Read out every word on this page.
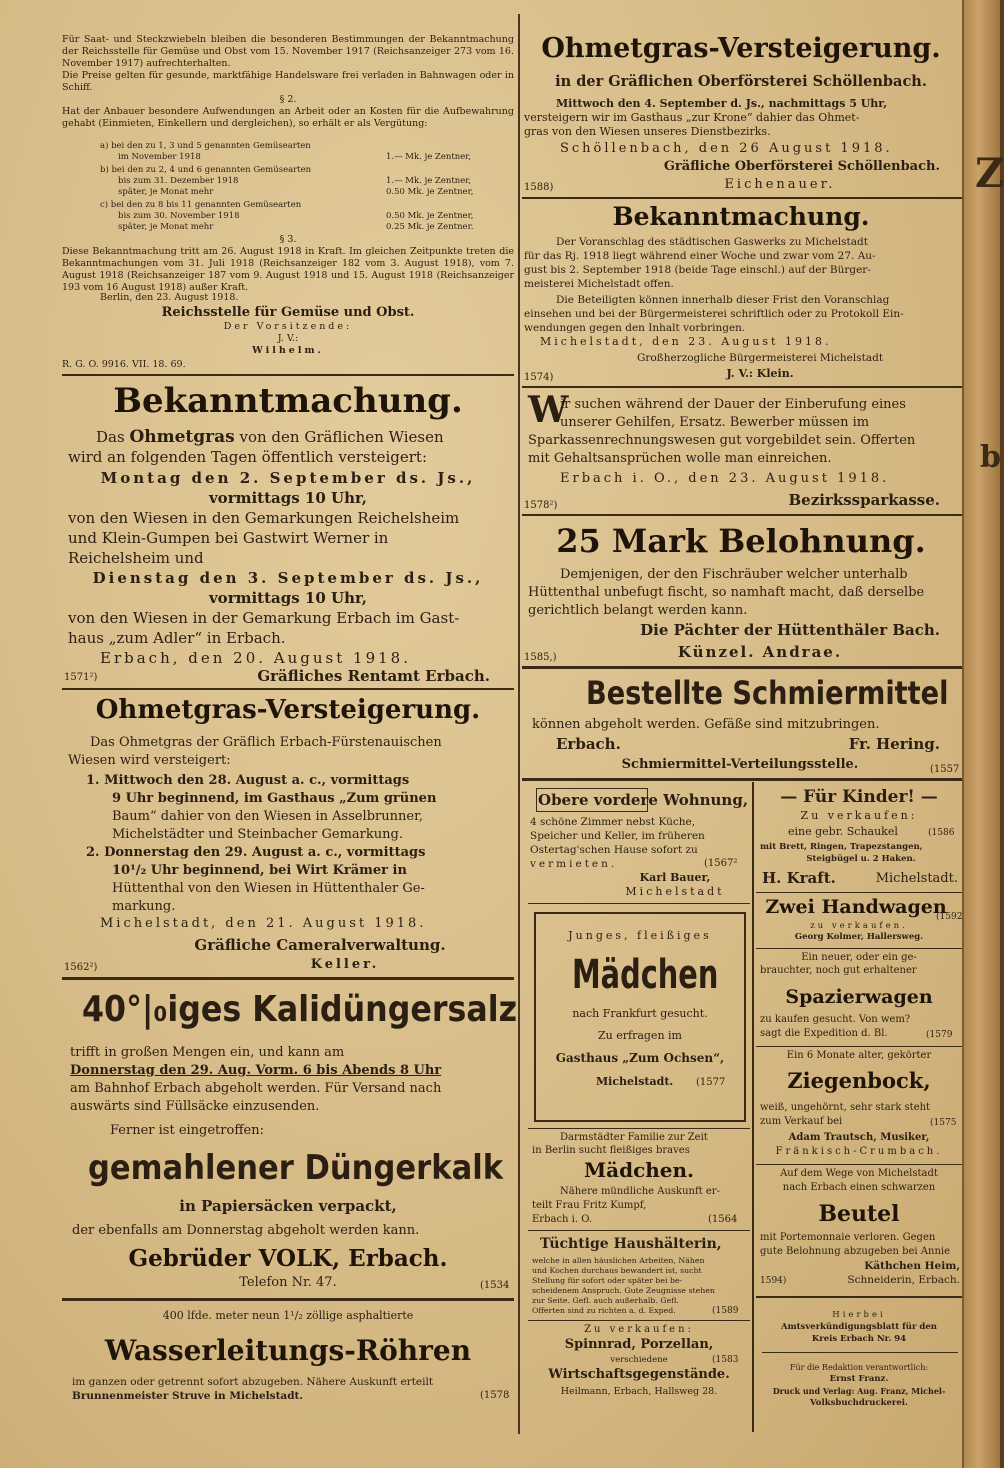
Für Saat- und Steckzwiebeln bleiben die besonderen Bestimmungen der Bekanntmachung der Reichsstelle für Gemüse und Obst vom 15. November 1917 (Reichsanzeiger 273 vom 16. November 1917) aufrechterhalten.
Die Preise gelten für gesunde, marktfähige Handelsware frei verladen in Bahnwagen oder in Schiff.
§ 2.
Hat der Anbauer besondere Aufwendungen an Arbeit oder an Kosten für die Aufbewahrung gehabt (Einmieten, Einkellern und dergleichen), so erhält er als Vergütung:
a) bei den zu 1, 3 und 5 genannten Gemüsearten
im November 1918	1.— Mk. je Zentner,
b) bei den zu 2, 4 und 6 genannten Gemüsearten
bis zum 31. Dezember 1918	1.— Mk. je Zentner,
später, je Monat mehr	0.50 Mk. je Zentner,
c) bei den zu 8 bis 11 genannten Gemüsearten
bis zum 30. November 1918	0.50 Mk. je Zentner,
später, je Monat mehr	0.25 Mk. je Zentner.
§ 3.
Diese Bekanntmachung tritt am 26. August 1918 in Kraft. Im gleichen Zeitpunkte treten die Bekanntmachungen vom 31. Juli 1918 (Reichsanzeiger 182 vom 3. August 1918), vom 7. August 1918 (Reichsanzeiger 187 vom 9. August 1918 und 15. August 1918 (Reichsanzeiger 193 vom 16 August 1918) außer Kraft.
Berlin, den 23. August 1918.
Reichsstelle für Gemüse und Obst.
Der Vorsitzende:
J. V.:
Wilhelm.
R. G. O. 9916. VII. 18. 69.
Bekanntmachung.
Das Ohmetgras von den Gräflichen Wiesen
wird an folgenden Tagen öffentlich versteigert:
Montag den 2. September ds. Js.,
vormittags 10 Uhr,
von den Wiesen in den Gemarkungen Reichelsheim
und Klein-Gumpen bei Gastwirt Werner in
Reichelsheim und
Dienstag den 3. September ds. Js.,
vormittags 10 Uhr,
von den Wiesen in der Gemarkung Erbach im Gast-
haus „zum Adler“ in Erbach.
Erbach, den 20. August 1918.
1571²)	Gräfliches Rentamt Erbach.
Ohmetgras-Versteigerung.
Das Ohmetgras der Gräflich Erbach-Fürstenauischen
Wiesen wird versteigert:
1. Mittwoch den 28. August a. c., vormittags
9 Uhr beginnend, im Gasthaus „Zum grünen
Baum“ dahier von den Wiesen in Asselbrunner,
Michelstädter und Steinbacher Gemarkung.
2. Donnerstag den 29. August a. c., vormittags
10¹/₂ Uhr beginnend, bei Wirt Krämer in
Hüttenthal von den Wiesen in Hüttenthaler Ge-
markung.
Michelstadt, den 21. August 1918.
Gräfliche Cameralverwaltung.
1562²)	Keller.
40°|₀iges Kalidüngersalz
trifft in großen Mengen ein, und kann am
Donnerstag den 29. Aug. Vorm. 6 bis Abends 8 Uhr
am Bahnhof Erbach abgeholt werden. Für Versand nach
auswärts sind Füllsäcke einzusenden.
Ferner ist eingetroffen:
gemahlener Düngerkalk
in Papiersäcken verpackt,
der ebenfalls am Donnerstag abgeholt werden kann.
Gebrüder VOLK, Erbach.
Telefon Nr. 47.	(1534
400 lfde. meter neun 1¹/₂ zöllige asphaltierte
Wasserleitungs-Röhren
im ganzen oder getrennt sofort abzugeben. Nähere Auskunft erteilt
Brunnenmeister Struve in Michelstadt.	(1578
Ohmetgras-Versteigerung.
in der Gräflichen Oberförsterei Schöllenbach.
Mittwoch den 4. September d. Js., nachmittags 5 Uhr,
versteigern wir im Gasthaus „zur Krone“ dahier das Ohmet-
gras von den Wiesen unseres Dienstbezirks.
Schöllenbach, den 26 August 1918.
Gräfliche Oberförsterei Schöllenbach.
1588)	Eichenauer.
Bekanntmachung.
Der Voranschlag des städtischen Gaswerks zu Michelstadt
für das Rj. 1918 liegt während einer Woche und zwar vom 27. Au-
gust bis 2. September 1918 (beide Tage einschl.) auf der Bürger-
meisterei Michelstadt offen.
Die Beteiligten können innerhalb dieser Frist den Voranschlag
einsehen und bei der Bürgermeisterei schriftlich oder zu Protokoll Ein-
wendungen gegen den Inhalt vorbringen.
Michelstadt, den 23. August 1918.
Großherzogliche Bürgermeisterei Michelstadt
1574)	J. V.: Klein.
W
ir suchen während der Dauer der Einberufung eines
unserer Gehilfen, Ersatz. Bewerber müssen im
Sparkassenrechnungswesen gut vorgebildet sein. Offerten
mit Gehaltsansprüchen wolle man einreichen.
Erbach i. O., den 23. August 1918.
1578²)	Bezirkssparkasse.
25 Mark Belohnung.
Demjenigen, der den Fischräuber welcher unterhalb
Hüttenthal unbefugt fischt, so namhaft macht, daß derselbe
gerichtlich belangt werden kann.
Die Pächter der Hüttenthäler Bach.
1585,)	Künzel. Andrae.
Bestellte Schmiermittel
können abgeholt werden. Gefäße sind mitzubringen.
Erbach.	Fr. Hering.
Schmiermittel-Verteilungsstelle.	(1557
Obere vordere Wohnung,
4 schöne Zimmer nebst Küche,
Speicher und Keller, im früheren
Ostertag'schen Hause sofort zu
vermieten.	(1567²
Karl Bauer,
Michelstadt
Junges, fleißiges
Mädchen
nach Frankfurt gesucht.
Zu erfragen im
Gasthaus „Zum Ochsen“,
Michelstadt.	(1577
Darmstädter Familie zur Zeit
in Berlin sucht fleißiges braves
Mädchen.
Nähere mündliche Auskunft er-
teilt Frau Fritz Kumpf,
Erbach i. O.	(1564
Tüchtige Haushälterin,
welche in allen häuslichen Arbeiten, Nähen
und Kochen durchaus bewandert ist, sucht
Stellung für sofort oder später bei be-
scheidenem Anspruch. Gute Zeugnisse stehen
zur Seite. Gefl. auch außerhalb. Gefl.
Offerten sind zu richten a. d. Exped.	(1589
Zu verkaufen:
Spinnrad, Porzellan,
verschiedene	(1583
Wirtschaftsgegenstände.
Heilmann, Erbach, Hallsweg 28.
— Für Kinder! —
Zu verkaufen:
eine gebr. Schaukel	(1586
mit Brett, Ringen, Trapezstangen,
Steigbügel u. 2 Haken.
H. Kraft.	Michelstadt.
Zwei Handwagen
(1592
zu verkaufen.
Georg Kolmer, Hallersweg.
Ein neuer, oder ein ge-
brauchter, noch gut erhaltener
Spazierwagen
zu kaufen gesucht. Von wem?
sagt die Expedition d. Bl.	(1579
Ein 6 Monate alter, gekörter
Ziegenbock,
weiß, ungehörnt, sehr stark steht
zum Verkauf bei	(1575
Adam Trautsch, Musiker,
Fränkisch-Crumbach.
Auf dem Wege von Michelstadt
nach Erbach einen schwarzen
Beutel
mit Portemonnaie verloren. Gegen
gute Belohnung abzugeben bei Annie
Käthchen Heim,
1594)	Schneiderin, Erbach.
Hierbei
Amtsverkündigungsblatt für den
Kreis Erbach Nr. 94
Für die Redaktion verantwortlich:
Ernst Franz.
Druck und Verlag: Aug. Franz, Michel-
Volksbuchdruckerei.
Z
b
